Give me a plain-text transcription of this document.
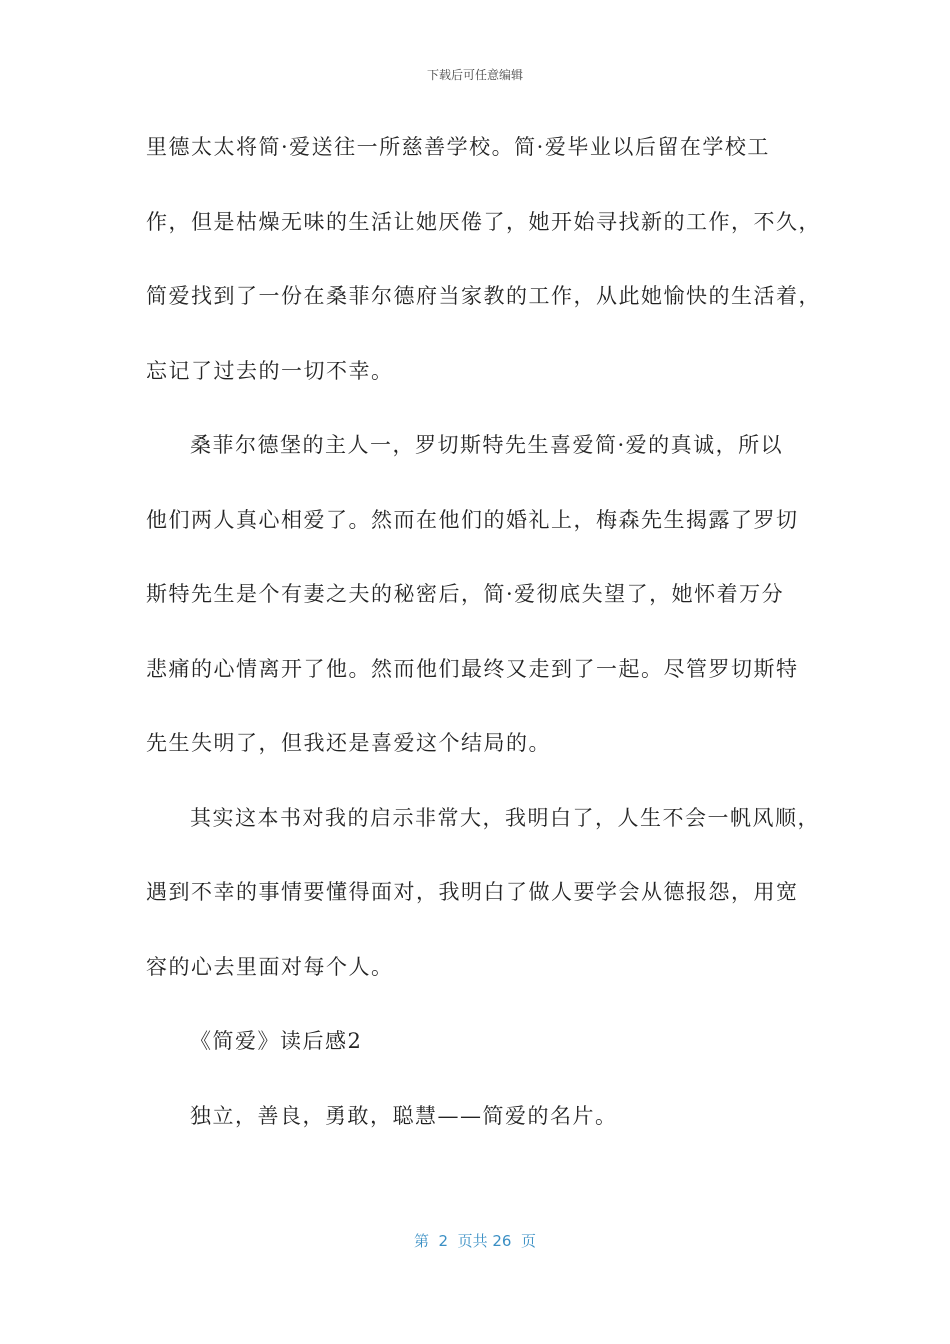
下载后可任意编辑
里德太太将简·爱送往一所慈善学校。简·爱毕业以后留在学校工
作，但是枯燥无味的生活让她厌倦了，她开始寻找新的工作，不久，
简爱找到了一份在桑菲尔德府当家教的工作，从此她愉快的生活着，
忘记了过去的一切不幸。
桑菲尔德堡的主人一，罗切斯特先生喜爱简·爱的真诚，所以
他们两人真心相爱了。然而在他们的婚礼上，梅森先生揭露了罗切
斯特先生是个有妻之夫的秘密后，简·爱彻底失望了，她怀着万分
悲痛的心情离开了他。然而他们最终又走到了一起。尽管罗切斯特
先生失明了，但我还是喜爱这个结局的。
其实这本书对我的启示非常大，我明白了，人生不会一帆风顺，
遇到不幸的事情要懂得面对，我明白了做人要学会从德报怨，用宽
容的心去里面对每个人。
《简爱》读后感2
独立，善良，勇敢，聪慧——简爱的名片。
第  2  页共 26  页
